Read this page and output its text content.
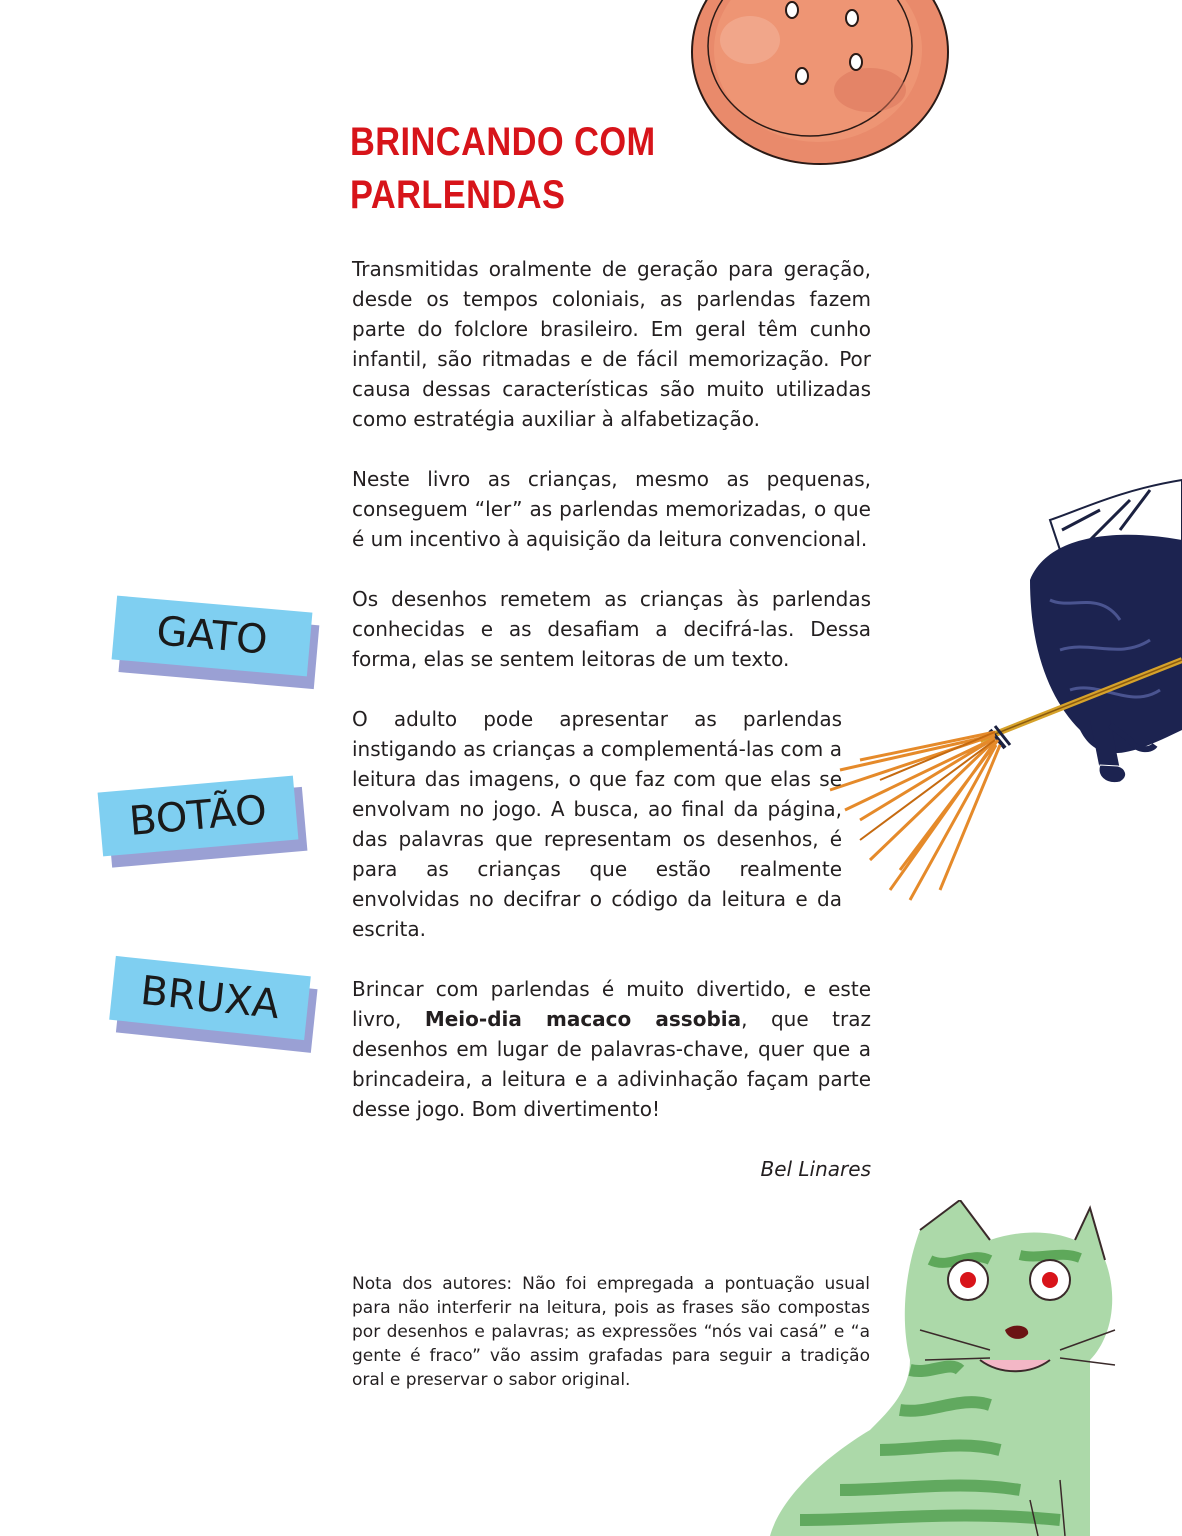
BRINCANDO COM
PARLENDAS

Transmitidas oralmente de geração para geração, desde os tempos coloniais, as parlendas fazem parte do folclore brasileiro. Em geral têm cunho infantil, são ritmadas e de fácil memorização. Por causa dessas características são muito utilizadas como estratégia auxiliar à alfabetização.

Neste livro as crianças, mesmo as pequenas, conseguem “ler” as parlendas memorizadas, o que é um incentivo à aquisição da leitura convencional.

Os desenhos remetem as crianças às parlendas conhecidas e as desafiam a decifrá-las. Dessa forma, elas se sentem leitoras de um texto.

O adulto pode apresentar as parlendas instigando as crianças a complementá-las com a leitura das imagens, o que faz com que elas se envolvam no jogo. A busca, ao final da página, das palavras que representam os desenhos, é para as crianças que estão realmente envolvidas no decifrar o código da leitura e da escrita.

Brincar com parlendas é muito divertido, e este livro, Meio-dia macaco assobia, que traz desenhos em lugar de palavras-chave, quer que a brincadeira, a leitura e a adivinhação façam parte desse jogo. Bom divertimento!

Bel Linares

Nota dos autores: Não foi empregada a pontuação usual para não interferir na leitura, pois as frases são compostas por desenhos e palavras; as expressões “nós vai casá” e “a gente é fraco” vão assim grafadas para seguir a tradição oral e preservar o sabor original.

GATO
BOTÃO
BRUXA
